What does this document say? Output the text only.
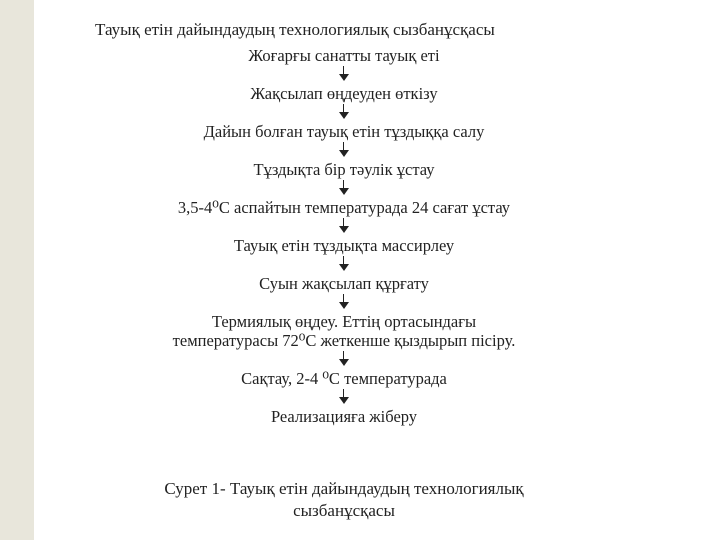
Тауық етін дайындаудың технологиялық сызбанұсқасы
Жоғарғы санатты тауық еті
Жақсылап өңдеуден өткізу
Дайын болған тауық етін тұздыққа салу
Тұздықта бір тәулік ұстау
3,5-4⁰С аспайтын температурада 24 сағат ұстау
Тауық етін тұздықта массирлеу
Суын жақсылап құрғату
Термиялық өңдеу. Еттің ортасындағы
температурасы 72⁰С жеткенше қыздырып пісіру.
Сақтау, 2-4 ⁰С температурада
Реализацияға жіберу
Сурет 1- Тауық етін дайындаудың технологиялық
сызбанұсқасы
